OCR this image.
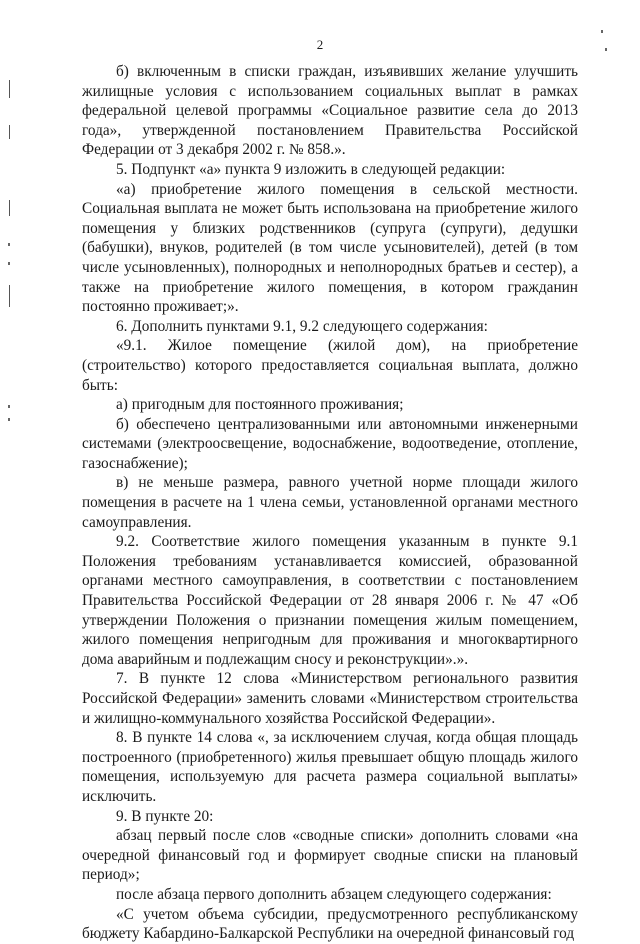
2

б) включенным в списки граждан, изъявивших желание улучшить жилищные условия с использованием социальных выплат в рамках федеральной целевой программы «Социальное развитие села до 2013 года», утвержденной постановлением Правительства Российской Федерации от 3 декабря 2002 г. № 858.».

5. Подпункт «а» пункта 9 изложить в следующей редакции:

«а) приобретение жилого помещения в сельской местности. Социальная выплата не может быть использована на приобретение жилого помещения у близких родственников (супруга (супруги), дедушки (бабушки), внуков, родителей (в том числе усыновителей), детей (в том числе усыновленных), полнородных и неполнородных братьев и сестер), а также на приобретение жилого помещения, в котором гражданин постоянно проживает;».

6. Дополнить пунктами 9.1, 9.2 следующего содержания:

«9.1. Жилое помещение (жилой дом), на приобретение (строительство) которого предоставляется социальная выплата, должно быть:

а) пригодным для постоянного проживания;

б) обеспечено централизованными или автономными инженерными системами (электроосвещение, водоснабжение, водоотведение, отопление, газоснабжение);

в) не меньше размера, равного учетной норме площади жилого помещения в расчете на 1 члена семьи, установленной органами местного самоуправления.

9.2. Соответствие жилого помещения указанным в пункте 9.1 Положения требованиям устанавливается комиссией, образованной органами местного самоуправления, в соответствии с постановлением Правительства Российской Федерации от 28 января 2006 г. № 47 «Об утверждении Положения о признании помещения жилым помещением, жилого помещения непригодным для проживания и многоквартирного дома аварийным и подлежащим сносу и реконструкции».».

7. В пункте 12 слова «Министерством регионального развития Российской Федерации» заменить словами «Министерством строительства и жилищно-коммунального хозяйства Российской Федерации».

8. В пункте 14 слова «, за исключением случая, когда общая площадь построенного (приобретенного) жилья превышает общую площадь жилого помещения, используемую для расчета размера социальной выплаты» исключить.

9. В пункте 20:

абзац первый после слов «сводные списки» дополнить словами «на очередной финансовый год и формирует сводные списки на плановый период»;

после абзаца первого дополнить абзацем следующего содержания:

«С учетом объема субсидии, предусмотренного республиканскому бюджету Кабардино-Балкарской Республики на очередной финансовый год
